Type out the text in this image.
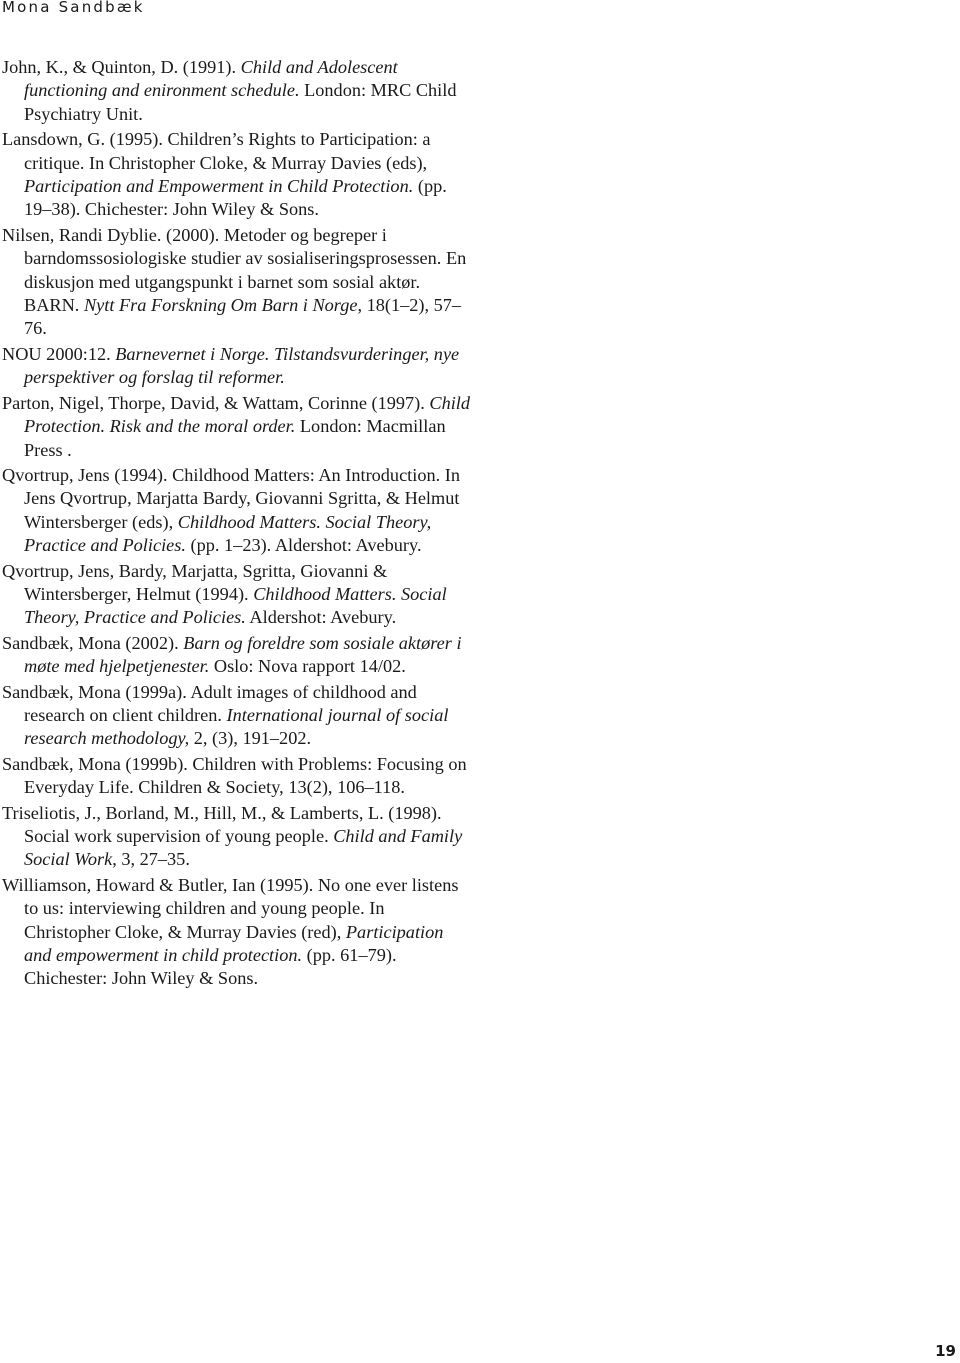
Mona Sandbæk
John, K., & Quinton, D. (1991). Child and Adolescent functioning and enironment schedule. London: MRC Child Psychiatry Unit.
Lansdown, G. (1995). Children’s Rights to Participation: a critique. In Christopher Cloke, & Murray Davies (eds), Participation and Empowerment in Child Protection. (pp. 19–38). Chichester: John Wiley & Sons.
Nilsen, Randi Dyblie. (2000). Metoder og begreper i barndomssosiologiske studier av sosialiseringsprosessen. En diskusjon med utgangspunkt i barnet som sosial aktør. BARN. Nytt Fra Forskning Om Barn i Norge, 18(1–2), 57–76.
NOU 2000:12. Barnevernet i Norge. Tilstandsvurderinger, nye perspektiver og forslag til reformer.
Parton, Nigel, Thorpe, David, & Wattam, Corinne (1997). Child Protection. Risk and the moral order. London: Macmillan Press .
Qvortrup, Jens (1994). Childhood Matters: An Introduction. In Jens Qvortrup, Marjatta Bardy, Giovanni Sgritta, & Helmut Wintersberger (eds), Childhood Matters. Social Theory, Practice and Policies. (pp. 1–23). Aldershot: Avebury.
Qvortrup, Jens, Bardy, Marjatta, Sgritta, Giovanni & Wintersberger, Helmut (1994). Childhood Matters. Social Theory, Practice and Policies. Aldershot: Avebury.
Sandbæk, Mona (2002). Barn og foreldre som sosiale aktører i møte med hjelpetjenester. Oslo: Nova rapport 14/02.
Sandbæk, Mona (1999a). Adult images of childhood and research on client children. International journal of social research methodology, 2, (3), 191–202.
Sandbæk, Mona (1999b). Children with Problems: Focusing on Everyday Life. Children & Society, 13(2), 106–118.
Triseliotis, J., Borland, M., Hill, M., & Lamberts, L. (1998). Social work supervision of young people. Child and Family Social Work, 3, 27–35.
Williamson, Howard & Butler, Ian (1995). No one ever listens to us: interviewing children and young people. In Christopher Cloke, & Murray Davies (red), Participation and empowerment in child protection. (pp. 61–79). Chichester: John Wiley & Sons.
19
